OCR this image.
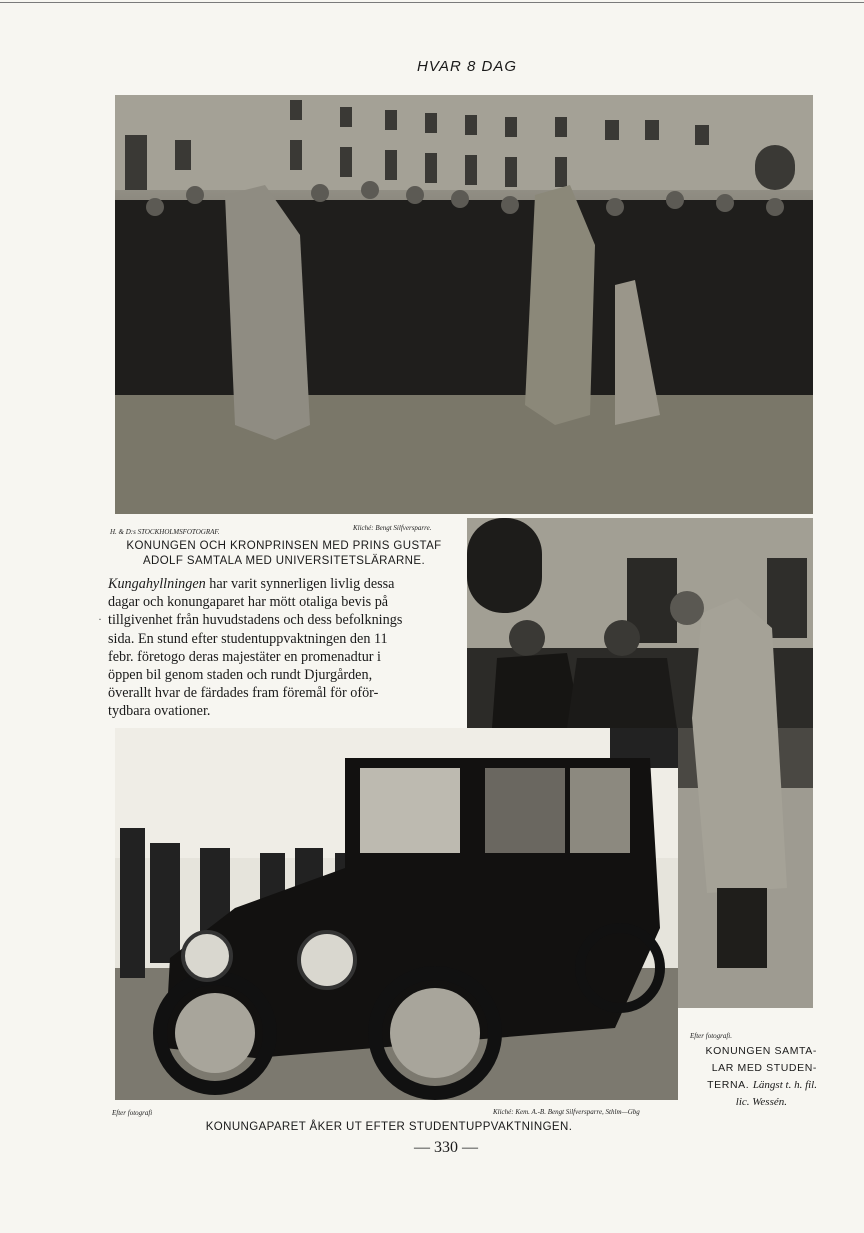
HVAR 8 DAG
H. & D:s STOCKHOLMSFOTOGRAF.	Kliché: Bengt Silfversparre.
KONUNGEN OCH KRONPRINSEN MED PRINS GUSTAF
ADOLF SAMTALA MED UNIVERSITETSLÄRARNE.
Kungahyllningen har varit synnerligen livlig dessa
dagar och konungaparet har mött otaliga bevis på
tillgivenhet från huvudstadens och dess befolknings
sida. En stund efter studentuppvaktningen den 11
febr. företogo deras majestäter en promenadtur i
öppen bil genom staden och rundt Djurgården,
överallt hvar de färdades fram föremål för oför-
tydbara ovationer.
·
Efter fotografi.
KONUNGEN SAMTA-
LAR MED STUDEN-
TERNA. Längst t. h. fil.
lic. Wessén.
Efter fotografi	Kliché: Kem. A.-B. Bengt Silfversparre, Sthlm—Gbg
KONUNGAPARET ÅKER UT EFTER STUDENTUPPVAKTNINGEN.
— 330 —
